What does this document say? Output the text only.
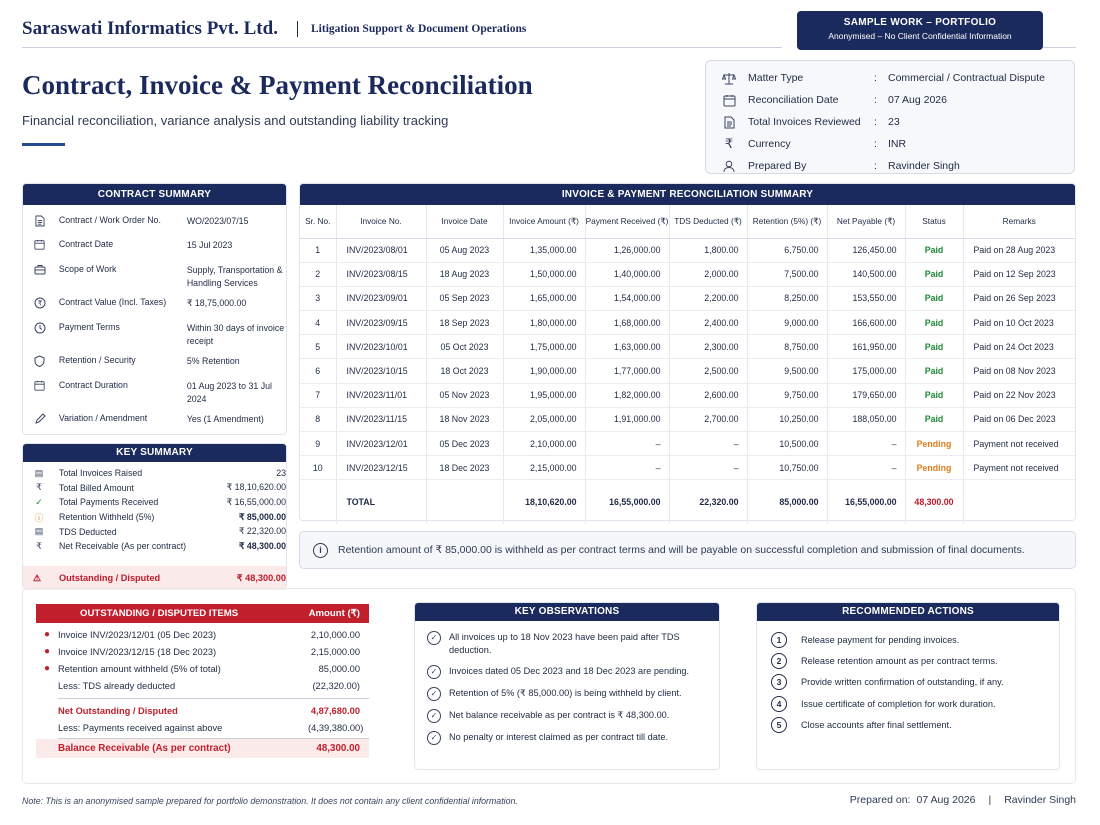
Saraswati Informatics Pvt. Ltd.	Litigation Support & Document Operations
SAMPLE WORK – PORTFOLIO
Anonymised – No Client Confidential Information
Contract, Invoice & Payment Reconciliation
Financial reconciliation, variance analysis and outstanding liability tracking
Matter Type	:	Commercial / Contractual Dispute
Reconciliation Date	:	07 Aug 2026
Total Invoices Reviewed	:	23
₹	Currency	:	INR
Prepared By	:	Ravinder Singh
CONTRACT SUMMARY
Contract / Work Order No.	WO/2023/07/15
Contract Date	15 Jul 2023
Scope of Work	Supply, Transportation & Handling Services
₹ Contract Value (Incl. Taxes)	₹ 18,75,000.00
Payment Terms	Within 30 days of invoice receipt
Retention / Security	5% Retention
Contract Duration	01 Aug 2023 to 31 Jul 2024
Variation / Amendment	Yes (1 Amendment)
KEY SUMMARY
▤ Total Invoices Raised	23
₹	Total Billed Amount	₹ 18,10,620.00
✓ Total Payments Received	₹ 16,55,000.00
ⓘ Retention Withheld (5%)	₹ 85,000.00
▤ TDS Deducted	₹ 22,320.00
₹	Net Receivable (As per contract)	₹ 48,300.00
⚠	Outstanding / Disputed	₹ 48,300.00
INVOICE & PAYMENT RECONCILIATION SUMMARY
Sr. No.	Invoice No.	Invoice Date	Invoice Amount (₹)	Payment Received (₹)	TDS Deducted (₹)	Retention (5%) (₹)	Net Payable (₹)	Status	Remarks
1	INV/2023/08/01	05 Aug 2023	1,35,000.00	1,26,000.00	1,800.00	6,750.00	126,450.00	Paid	Paid on 28 Aug 2023
2	INV/2023/08/15	18 Aug 2023	1,50,000.00	1,40,000.00	2,000.00	7,500.00	140,500.00	Paid	Paid on 12 Sep 2023
3	INV/2023/09/01	05 Sep 2023	1,65,000.00	1,54,000.00	2,200.00	8,250.00	153,550.00	Paid	Paid on 26 Sep 2023
4	INV/2023/09/15	18 Sep 2023	1,80,000.00	1,68,000.00	2,400.00	9,000.00	166,600.00	Paid	Paid on 10 Oct 2023
5	INV/2023/10/01	05 Oct 2023	1,75,000.00	1,63,000.00	2,300.00	8,750.00	161,950.00	Paid	Paid on 24 Oct 2023
6	INV/2023/10/15	18 Oct 2023	1,90,000.00	1,77,000.00	2,500.00	9,500.00	175,000.00	Paid	Paid on 08 Nov 2023
7	INV/2023/11/01	05 Nov 2023	1,95,000.00	1,82,000.00	2,600.00	9,750.00	179,650.00	Paid	Paid on 22 Nov 2023
8	INV/2023/11/15	18 Nov 2023	2,05,000.00	1,91,000.00	2,700.00	10,250.00	188,050.00	Paid	Paid on 06 Dec 2023
9	INV/2023/12/01	05 Dec 2023	2,10,000.00	–	–	10,500.00	–	Pending	Payment not received
10	INV/2023/12/15	18 Dec 2023	2,15,000.00	–	–	10,750.00	–	Pending	Payment not received
	TOTAL		18,10,620.00	16,55,000.00	22,320.00	85,000.00	16,55,000.00	48,300.00	
i	Retention amount of ₹ 85,000.00 is withheld as per contract terms and will be payable on successful completion and submission of final documents.
OUTSTANDING / DISPUTED ITEMS	Amount (₹)
● Invoice INV/2023/12/01 (05 Dec 2023)	2,10,000.00
● Invoice INV/2023/12/15 (18 Dec 2023)	2,15,000.00
● Retention amount withheld (5% of total)	85,000.00
Less: TDS already deducted	(22,320.00)
Net Outstanding / Disputed	4,87,680.00
Less: Payments received against above	(4,39,380.00)
Balance Receivable (As per contract)	48,300.00
KEY OBSERVATIONS
✓	All invoices up to 18 Nov 2023 have been paid after TDS deduction.
✓	Invoices dated 05 Dec 2023 and 18 Dec 2023 are pending.
✓	Retention of 5% (₹ 85,000.00) is being withheld by client.
✓	Net balance receivable as per contract is ₹ 48,300.00.
✓	No penalty or interest claimed as per contract till date.
RECOMMENDED ACTIONS
1	Release payment for pending invoices.
2	Release retention amount as per contract terms.
3	Provide written confirmation of outstanding, if any.
4	Issue certificate of completion for work duration.
5	Close accounts after final settlement.
Note: This is an anonymised sample prepared for portfolio demonstration. It does not contain any client confidential information.	Prepared on: 07 Aug 2026 | Ravinder Singh
